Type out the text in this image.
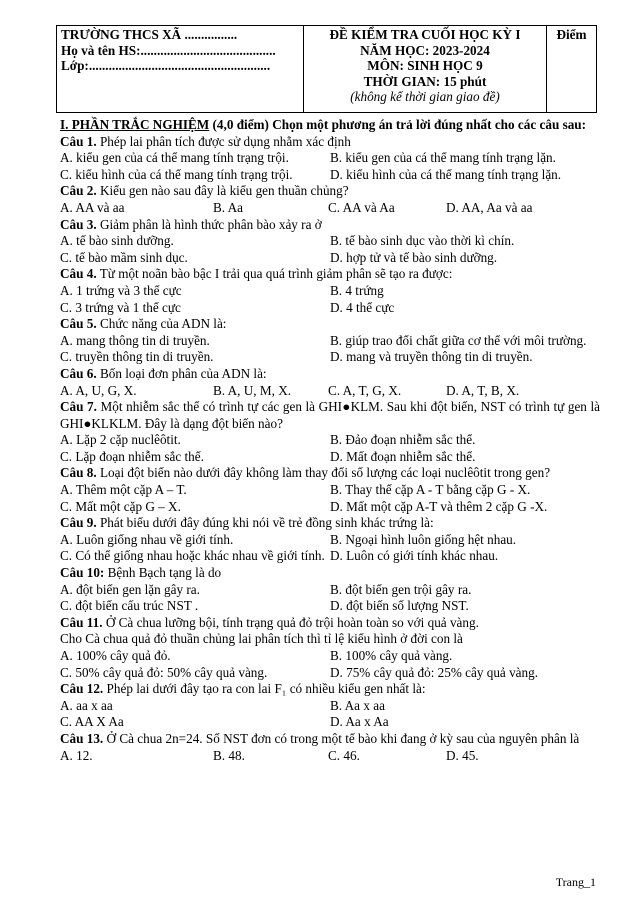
TRƯỜNG THCS XÃ ................
Họ và tên HS:.........................................
Lớp:.......................................................

ĐỀ KIỂM TRA CUỐI HỌC KỲ I
NĂM HỌC: 2023-2024
MÔN: SINH HỌC 9
THỜI GIAN: 15 phút
(không kể thời gian giao đề)

Điểm
I. PHẦN TRẮC NGHIỆM (4,0 điểm) Chọn một phương án trả lời đúng nhất cho các câu sau:
Câu 1. Phép lai phân tích được sử dụng nhằm xác định
A. kiểu gen của cá thể mang tính trạng trội.	B. kiểu gen của cá thể mang tính trạng lặn.
C. kiểu hình của cá thể mang tính trạng trội.	D. kiểu hình của cá thể mang tính trạng lặn.
Câu 2. Kiểu gen nào sau đây là kiểu gen thuần chủng?
A. AA và aa	B. Aa	C. AA và Aa	D. AA, Aa và aa
Câu 3. Giảm phân là hình thức phân bào xảy ra ở
A. tế bào sinh dưỡng.	B. tế bào sinh dục vào thời kì chín.
C. tế bào mầm sinh dục.	D. hợp tử và tế bào sinh dưỡng.
Câu 4. Từ một noãn bào bậc I trải qua quá trình giảm phân sẽ tạo ra được:
A. 1 trứng và 3 thể cực	B. 4 trứng
C. 3 trứng và 1 thể cực	D. 4 thể cực
Câu 5. Chức năng của ADN là:
A. mang thông tin di truyền.	B. giúp trao đổi chất giữa cơ thể với môi trường.
C. truyền thông tin di truyền.	D. mang và truyền thông tin di truyền.
Câu 6. Bốn loại đơn phân của ADN là:
A. A, U, G, X.	B. A, U, M, X.	C. A, T, G, X.	D. A, T, B, X.
Câu 7. Một nhiễm sắc thể có trình tự các gen là GHI●KLM. Sau khi đột biến, NST có trình tự gen là GHI●KLKLM. Đây là dạng đột biến nào?
A. Lặp 2 cặp nuclêôtit.	B. Đảo đoạn nhiễm sắc thể.
C. Lặp đoạn nhiễm sắc thể.	D. Mất đoạn nhiễm sắc thể.
Câu 8. Loại đột biến nào dưới đây không làm thay đổi số lượng các loại nuclêôtit trong gen?
A. Thêm một cặp A – T.	B. Thay thế cặp A - T bằng cặp G - X.
C. Mất một cặp G – X.	D. Mất một cặp A-T và thêm 2 cặp G -X.
Câu 9. Phát biểu dưới đây đúng khi nói về trẻ đồng sinh khác trứng là:
A. Luôn giống nhau về giới tính.	B. Ngoại hình luôn giống hệt nhau.
C. Có thể giống nhau hoặc khác nhau về giới tính. D. Luôn có giới tính khác nhau.
Câu 10: Bệnh Bạch tạng là do
A. đột biến gen lặn gây ra.	B. đột biến gen trội gây ra.
C. đột biến cấu trúc NST .	D. đột biến số lượng NST.
Câu 11. Ở Cà chua lưỡng bội, tính trạng quả đỏ trội hoàn toàn so với quả vàng.
Cho Cà chua quả đỏ thuần chủng lai phân tích thì tỉ lệ kiểu hình ở đời con là
A. 100% cây quả đỏ.	B. 100% cây quả vàng.
C. 50% cây quả đỏ: 50% cây quả vàng.	D. 75% cây quả đỏ: 25% cây quả vàng.
Câu 12. Phép lai dưới đây tạo ra con lai F₁ có nhiều kiểu gen nhất là:
A. aa x aa	B. Aa x aa
C. AA X Aa	D. Aa x Aa
Câu 13. Ở Cà chua 2n=24. Số NST đơn có trong một tế bào khi đang ở kỳ sau của nguyên phân là
A. 12.	B. 48.	C. 46.	D. 45.
Trang_1
